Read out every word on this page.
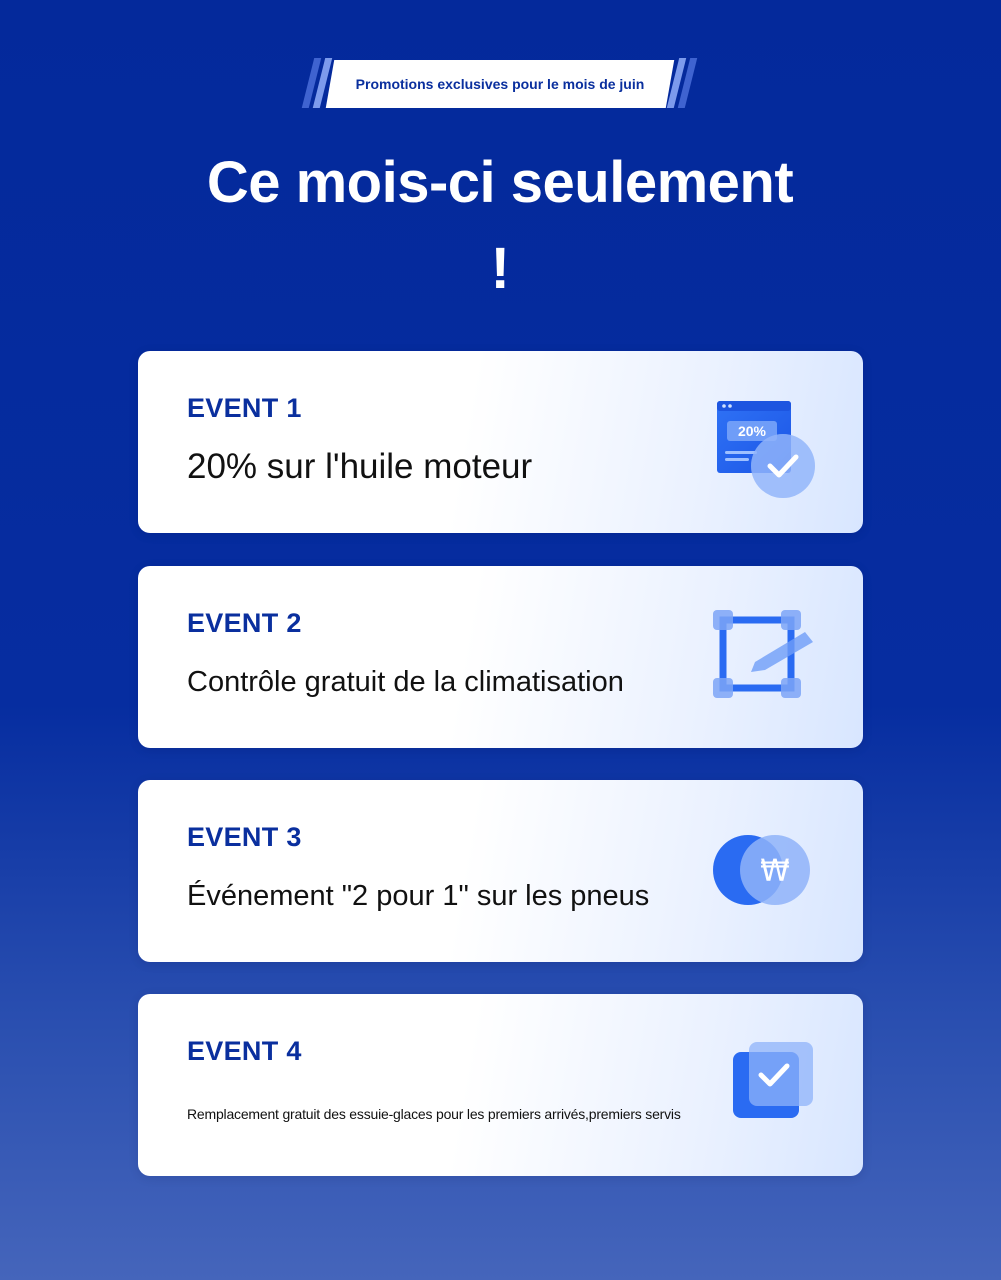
Promotions exclusives pour le mois de juin
Ce mois-ci seulement
!

EVENT 1

20% sur l'huile moteur

20%

EVENT 2

Contrôle gratuit de la climatisation

EVENT 3

Événement "2 pour 1" sur les pneus

₩

EVENT 4

Remplacement gratuit des essuie-glaces pour les premiers arrivés,premiers servis
